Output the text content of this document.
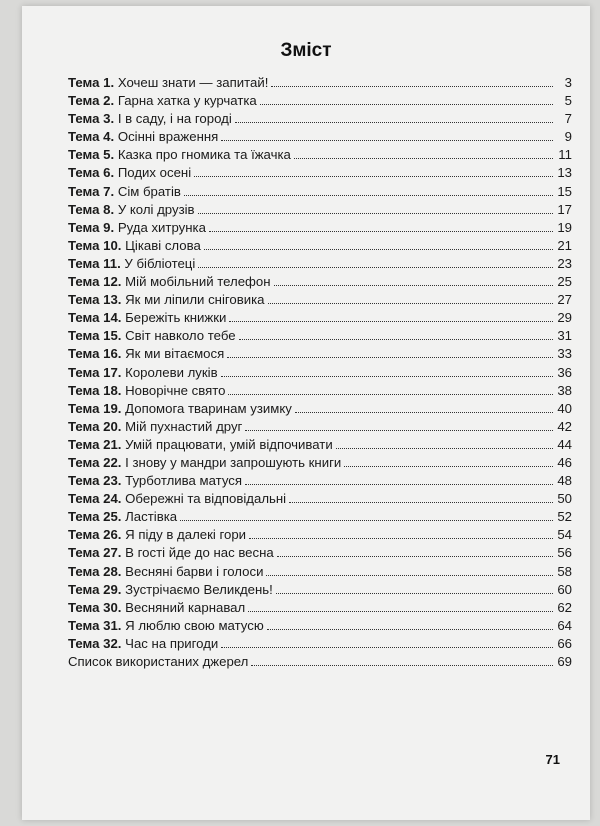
Зміст
Тема 1. Хочеш знати — запитай!	3
Тема 2. Гарна хатка у курчатка	5
Тема 3. І в саду, і на городі	7
Тема 4. Осінні враження	9
Тема 5. Казка про гномика та їжачка	11
Тема 6. Подих осені	13
Тема 7. Сім братів	15
Тема 8. У колі друзів	17
Тема 9. Руда хитрунка	19
Тема 10. Цікаві слова	21
Тема 11. У бібліотеці	23
Тема 12. Мій мобільний телефон	25
Тема 13. Як ми ліпили сніговика	27
Тема 14. Бережіть книжки	29
Тема 15. Світ навколо тебе	31
Тема 16. Як ми вітаємося	33
Тема 17. Королеви луків	36
Тема 18. Новорічне свято	38
Тема 19. Допомога тваринам узимку	40
Тема 20. Мій пухнастий друг	42
Тема 21. Умій працювати, умій відпочивати	44
Тема 22. І знову у мандри запрошують книги	46
Тема 23. Турботлива матуся	48
Тема 24. Обережні та відповідальні	50
Тема 25. Ластівка	52
Тема 26. Я піду в далекі гори	54
Тема 27. В гості йде до нас весна	56
Тема 28. Весняні барви і голоси	58
Тема 29. Зустрічаємо Великдень!	60
Тема 30. Весняний карнавал	62
Тема 31. Я люблю свою матусю	64
Тема 32. Час на пригоди	66
Список використаних джерел	69
71
